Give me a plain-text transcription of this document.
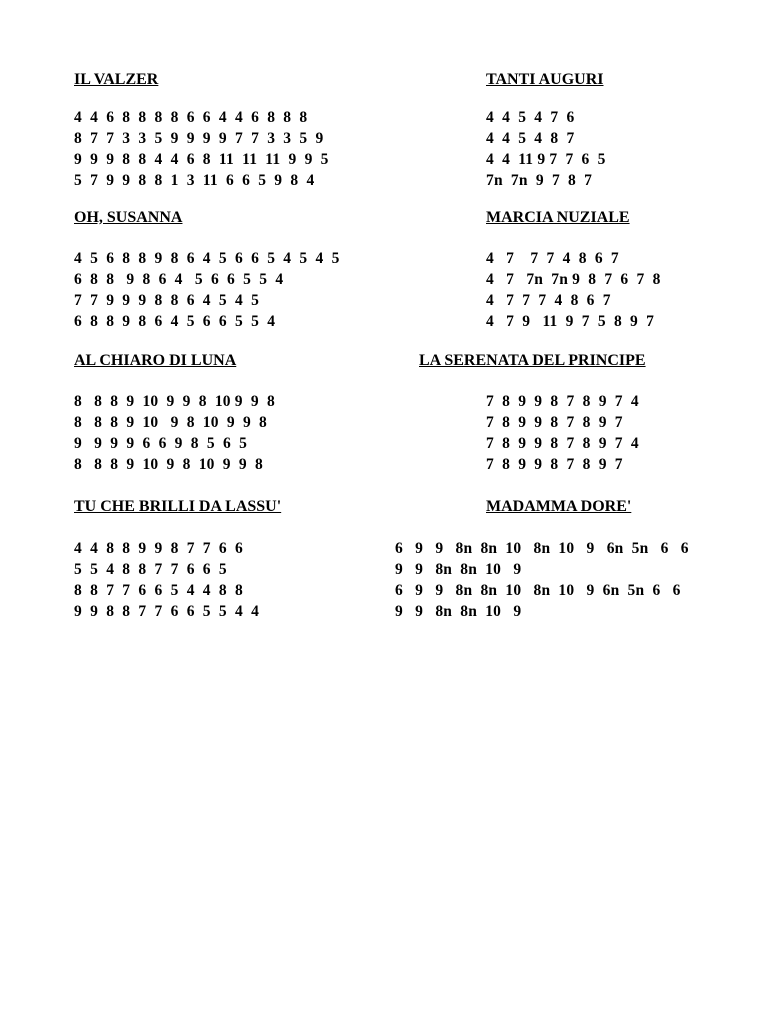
IL VALZER
4  4  6  8  8  8  8  6  6  4  4  6  8  8  8
8  7  7  3  3  5  9  9  9  9  7  7  3  3  5  9
9  9  9  8  8  4  4  6  8  11  11  11  9  9  5
5  7  9  9  8  8  1  3  11  6  6  5  9  8  4
TANTI AUGURI
4  4  5  4  7  6
4  4  5  4  8  7
4  4  11 9 7  7  6  5
7n  7n  9  7  8  7
OH, SUSANNA
4  5  6  8  8  9  8  6  4  5  6  6  5  4  5  4  5
6  8  8   9  8  6  4   5  6  6  5  5  4
7  7  9  9  9  8  8  6  4  5  4  5
6  8  8  9  8  6  4  5  6  6  5  5  4
MARCIA NUZIALE
4   7    7  7  4  8  6  7
4   7   7n  7n 9  8  7  6  7  8
4   7  7  7  4  8  6  7
4   7  9   11  9  7  5  8  9  7
AL CHIARO DI LUNA
8   8  8  9  10  9  9  8  10 9  9  8
8   8  8  9  10   9  8  10  9  9  8
9   9  9  9  6  6  9  8  5  6  5
8   8  8  9  10  9  8  10  9  9  8
LA SERENATA DEL PRINCIPE
7  8  9  9  8  7  8  9  7  4
7  8  9  9  8  7  8  9  7
7  8  9  9  8  7  8  9  7  4
7  8  9  9  8  7  8  9  7
TU CHE BRILLI DA LASSU'
4  4  8  8  9  9  8  7  7  6  6
5  5  4  8  8  7  7  6  6  5
8  8  7  7  6  6  5  4  4  8  8
9  9  8  8  7  7  6  6  5  5  4  4
MADAMMA DORE'
6   9   9   8n  8n  10   8n  10   9   6n  5n   6   6
9   9   8n  8n  10   9
6   9   9   8n  8n  10   8n  10   9  6n  5n  6   6
9   9   8n  8n  10   9
